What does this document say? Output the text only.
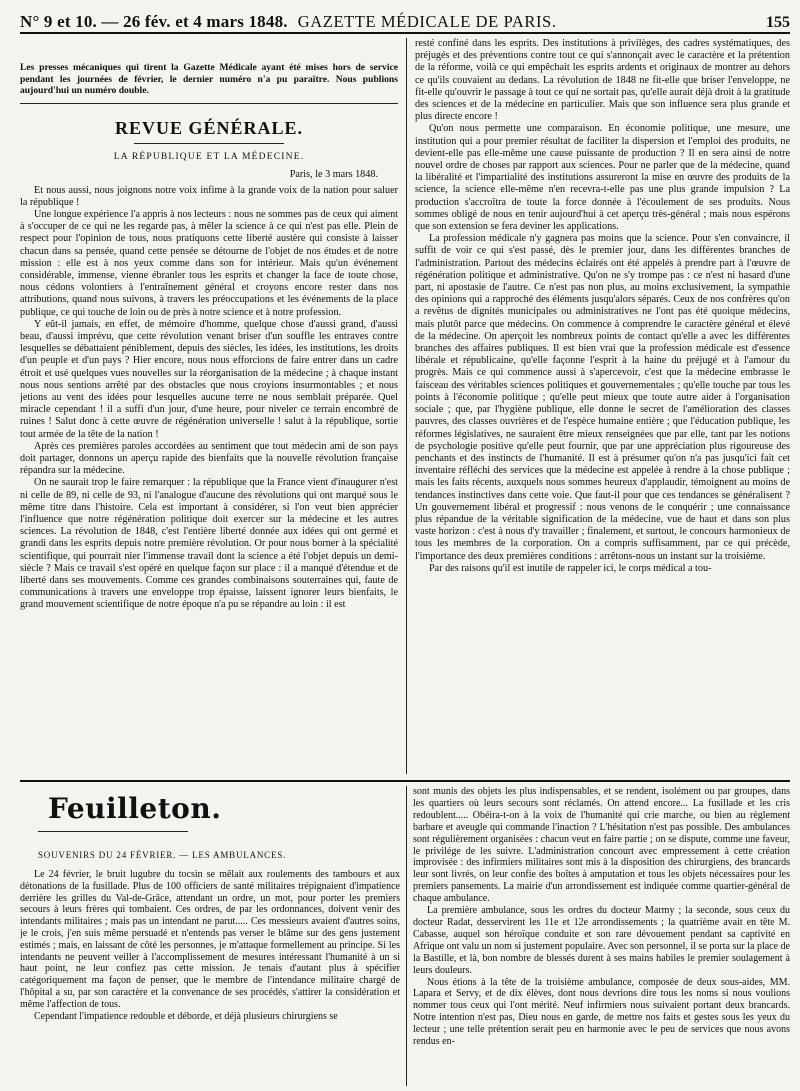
N° 9 et 10. — 26 fév. et 4 mars 1848. GAZETTE MÉDICALE DE PARIS.	155

Les presses mécaniques qui tirent la Gazette Médicale ayant été mises hors de service pendant les journées de février, le dernier numéro n'a pu paraître. Nous publions aujourd'hui un numéro double.

REVUE GÉNÉRALE.
LA RÉPUBLIQUE ET LA MÉDECINE.
Paris, le 3 mars 1848.

Et nous aussi, nous joignons notre voix infime à la grande voix de la nation pour saluer la république !

Une longue expérience l'a appris à nos lecteurs : nous ne sommes pas de ceux qui aiment à s'occuper de ce qui ne les regarde pas, à mêler la science à ce qui n'est pas elle. Plein de respect pour l'opinion de tous, nous pratiquons cette liberté austère qui consiste à laisser chacun dans sa pensée, quand cette pensée se détourne de l'objet de nos études et de notre mission : elle est à nos yeux comme dans son for intérieur. Mais qu'un événement considérable, immense, vienne ébranler tous les esprits et changer la face de toute chose, nous cédons volontiers à l'entraînement général et croyons encore rester dans nos attributions, quand nous suivons, à travers les préoccupations et les événements de la place publique, ce qui touche de loin ou de près à notre science et à notre profession.

Y eût-il jamais, en effet, de mémoire d'homme, quelque chose d'aussi grand, d'aussi beau, d'aussi imprévu, que cette révolution venant briser d'un souffle les entraves contre lesquelles se débattaient péniblement, depuis des siècles, les idées, les institutions, les droits d'un peuple et d'un pays ? Hier encore, nous nous efforcions de faire entrer dans un cadre étroit et usé quelques vues nouvelles sur la réorganisation de la médecine ; à chaque instant nous nous sentions arrêté par des obstacles que nous croyions insurmontables ; et nous jetions au vent des idées pour lesquelles aucune terre ne nous semblait préparée. Quel miracle cependant ! il a suffi d'un jour, d'une heure, pour niveler ce terrain encombré de ruines ! Salut donc à cette œuvre de régénération universelle ! salut à la république, sortie tout armée de la tête de la nation !

Après ces premières paroles accordées au sentiment que tout médecin ami de son pays doit partager, donnons un aperçu rapide des bienfaits que la nouvelle révolution française répandra sur la médecine.

On ne saurait trop le faire remarquer : la république que la France vient d'inaugurer n'est ni celle de 89, ni celle de 93, ni l'analogue d'aucune des révolutions qui ont marqué sous le même titre dans l'histoire. Cela est important à considérer, si l'on veut bien apprécier l'influence que notre régénération politique doit exercer sur la médecine et les autres sciences. La révolution de 1848, c'est l'entière liberté donnée aux idées qui ont germé et grandi dans les esprits depuis notre première révolution. Or pour nous borner à la spécialité scientifique, qui pourrait nier l'immense travail dont la science a été l'objet depuis un demi-siècle ? Mais ce travail s'est opéré en quelque façon sur place : il a manqué d'étendue et de liberté dans ses mouvements. Comme ces grandes combinaisons souterraines qui, faute de communications à travers une enveloppe trop épaisse, laissent ignorer leurs bienfaits, le grand mouvement scientifique de notre époque n'a pu se répandre au loin : il est

resté confiné dans les esprits. Des institutions à privilèges, des cadres systématiques, des préjugés et des préventions contre tout ce qui s'annonçait avec le caractère et la prétention de la réforme, voilà ce qui empêchait les esprits ardents et originaux de montrer au dehors ce qu'ils couvaient au dedans. La révolution de 1848 ne fit-elle que briser l'enveloppe, ne fit-elle qu'ouvrir le passage à tout ce qui ne sortait pas, qu'elle aurait déjà droit à la gratitude des sciences et de la médecine en particulier. Mais que son influence sera plus grande et plus directe encore !

Qu'on nous permette une comparaison. En économie politique, une mesure, une institution qui a pour premier résultat de faciliter la dispersion et l'emploi des produits, ne devient-elle pas elle-même une cause puissante de production ? Il en sera ainsi de notre nouvel ordre de choses par rapport aux sciences. Pour ne parler que de la médecine, quand la libéralité et l'impartialité des institutions assureront la mise en œuvre des produits de la science, la science elle-même n'en recevra-t-elle pas une plus grande impulsion ? La production s'accroîtra de toute la force donnée à l'écoulement de ses produits. Nous sommes obligé de nous en tenir aujourd'hui à cet aperçu très-général ; mais nous espérons que son extension se fera deviner les applications.

La profession médicale n'y gagnera pas moins que la science. Pour s'en convaincre, il suffit de voir ce qui s'est passé, dès le premier jour, dans les différentes branches de l'administration. Partout des médecins éclairés ont été appelés à prendre part à l'œuvre de régénération politique et administrative. Qu'on ne s'y trompe pas : ce n'est ni hasard d'une part, ni apostasie de l'autre. Ce n'est pas non plus, au moins exclusivement, la sympathie des opinions qui a rapproché des éléments jusqu'alors séparés. Ceux de nos confrères qu'on a revêtus de dignités municipales ou administratives ne l'ont pas été quoique médecins, mais plutôt parce que médecins. On commence à comprendre le caractère général et élevé de la médecine. On aperçoit les nombreux points de contact qu'elle a avec les différentes branches des affaires publiques. Il est bien vrai que la profession médicale est d'essence libérale et républicaine, qu'elle façonne l'esprit à la haine du préjugé et à l'amour du progrès. Mais ce qui commence aussi à s'apercevoir, c'est que la médecine embrasse le faisceau des véritables sciences politiques et gouvernementales ; qu'elle touche par tous les points à l'économie politique ; qu'elle peut mieux que toute autre aider à l'organisation sociale ; que, par l'hygiène publique, elle donne le secret de l'amélioration des classes pauvres, des classes ouvrières et de l'espèce humaine entière ; que l'éducation publique, les réformes législatives, ne sauraient être mieux renseignées que par elle, tant par les notions de psychologie positive qu'elle peut fournir, que par une appréciation plus rigoureuse des penchants et des instincts de l'humanité. Il est à présumer qu'on n'a pas jusqu'ici fait cet inventaire réfléchi des services que la médecine est appelée à rendre à la chose publique ; mais les faits récents, auxquels nous sommes heureux d'applaudir, témoignent au moins de tendances instinctives dans cette voie. Que faut-il pour que ces tendances se généralisent ? Un gouvernement libéral et progressif : nous venons de le conquérir ; une connaissance plus répandue de la véritable signification de la médecine, vue de haut et dans son plus vaste horizon : c'est à nous d'y travailler ; finalement, et surtout, le concours harmonieux de tous les membres de la corporation. On a compris suffisamment, par ce qui précède, l'importance des deux premières conditions : arrêtons-nous un instant sur la troisième.

Par des raisons qu'il est inutile de rappeler ici, le corps médical a tou-

Feuilleton.
SOUVENIRS DU 24 FÉVRIER. — LES AMBULANCES.

Le 24 février, le bruit lugubre du tocsin se mêlait aux roulements des tambours et aux détonations de la fusillade. Plus de 100 officiers de santé militaires trépignaient d'impatience derrière les grilles du Val-de-Grâce, attendant un ordre, un mot, pour porter les premiers secours à leurs frères qui tombaient. Ces ordres, de par les ordonnances, doivent venir des intendants militaires ; mais pas un intendant ne parut..... Ces messieurs avaient d'autres soins, je le crois, j'en suis même persuadé et n'entends pas verser le blâme sur des gens justement estimés ; mais, en laissant de côté les personnes, je m'attaque formellement au principe. Si les intendants ne peuvent veiller à l'accomplissement de mesures intéressant l'humanité à un si haut point, ne leur confiez pas cette mission. Je tenais d'autant plus à spécifier catégoriquement ma façon de penser, que le membre de l'intendance militaire chargé de l'hôpital a su, par son caractère et la convenance de ses procédés, s'attirer la considération et même l'affection de tous.

Cependant l'impatience redouble et déborde, et déjà plusieurs chirurgiens se

sont munis des objets les plus indispensables, et se rendent, isolément ou par groupes, dans les quartiers où leurs secours sont réclamés. On attend encore... La fusillade et les cris redoublent..... Obéira-t-on à la voix de l'humanité qui crie marche, ou bien au règlement barbare et aveugle qui commande l'inaction ? L'hésitation n'est pas possible. Des ambulances sont régulièrement organisées : chacun veut en faire partie ; on se dispute, comme une faveur, le privilége de les suivre. L'administration concourt avec empressement à cette création improvisée : des infirmiers militaires sont mis à la disposition des chirurgiens, des brancards leur sont livrés, on leur confie des boîtes à amputation et tous les objets nécessaires pour les premiers pansements. La mairie d'un arrondissement est indiquée comme quartier-général de chaque ambulance.

La première ambulance, sous les ordres du docteur Marmy ; la seconde, sous ceux du docteur Radat, desservirent les 11e et 12e arrondissements ; la quatrième avait en tête M. Cabasse, auquel son héroïque conduite et son rare dévouement pendant sa captivité en Afrique ont valu un nom si justement populaire. Avec son personnel, il se porta sur la place de la Bastille, et là, bon nombre de blessés durent à ses mains habiles le premier soulagement à leurs douleurs.

Nous étions à la tête de la troisième ambulance, composée de deux sous-aides, MM. Lapara et Servy, et de dix élèves, dont nous devrions dire tous les noms si nous voulions nommer tous ceux qui l'ont mérité. Neuf infirmiers nous suivaient portant deux brancards. Notre intention n'est pas, Dieu nous en garde, de mettre nos faits et gestes sous les yeux du lecteur ; une telle prétention serait peu en harmonie avec le peu de services que nous avons rendus en-
